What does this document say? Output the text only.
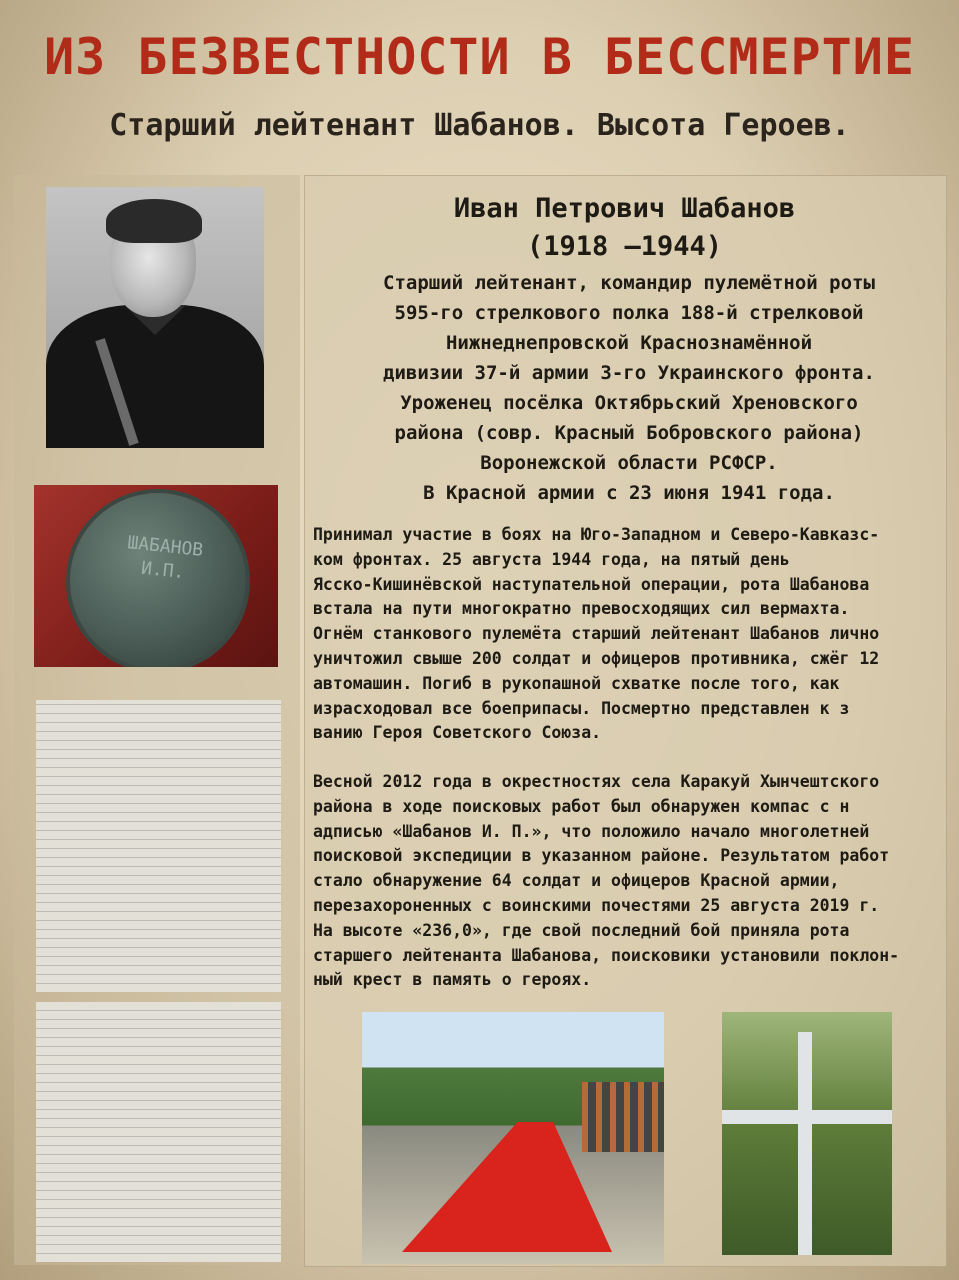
ИЗ БЕЗВЕСТНОСТИ В БЕССМЕРТИЕ
Старший лейтенант Шабанов. Высота Героев.
ШАБАНОВ
И.П.
Иван Петрович Шабанов
(1918 –1944)
Старший лейтенант, командир пулемётной роты
595-го стрелкового полка 188-й стрелковой
Нижнеднепровской Краснознамённой
дивизии 37-й армии 3-го Украинского фронта.
Уроженец посёлка Октябрьский Хреновского
района (совр. Красный Бобровского района)
Воронежской области РСФСР.
В Красной армии с 23 июня 1941 года.
Принимал участие в боях на Юго-Западном и Северо-Кавказс-
ком фронтах. 25 августа 1944 года, на пятый день
Ясско-Кишинёвской наступательной операции, рота Шабанова
встала на пути многократно превосходящих сил вермахта.
Огнём станкового пулемёта старший лейтенант Шабанов лично
уничтожил свыше 200 солдат и офицеров противника, сжёг 12
автомашин. Погиб в рукопашной схватке после того, как
израсходовал все боеприпасы. Посмертно представлен к з
ванию Героя Советского Союза.
Весной 2012 года в окрестностях села Каракуй Хынчештского
района в ходе поисковых работ был обнаружен компас с н
адписью «Шабанов И. П.», что положило начало многолетней
поисковой экспедиции в указанном районе. Результатом работ
стало обнаружение 64 солдат и офицеров Красной армии,
перезахороненных с воинскими почестями 25 августа 2019 г.
На высоте «236,0», где свой последний бой приняла рота
старшего лейтенанта Шабанова, поисковики установили поклон-
ный крест в память о героях.
